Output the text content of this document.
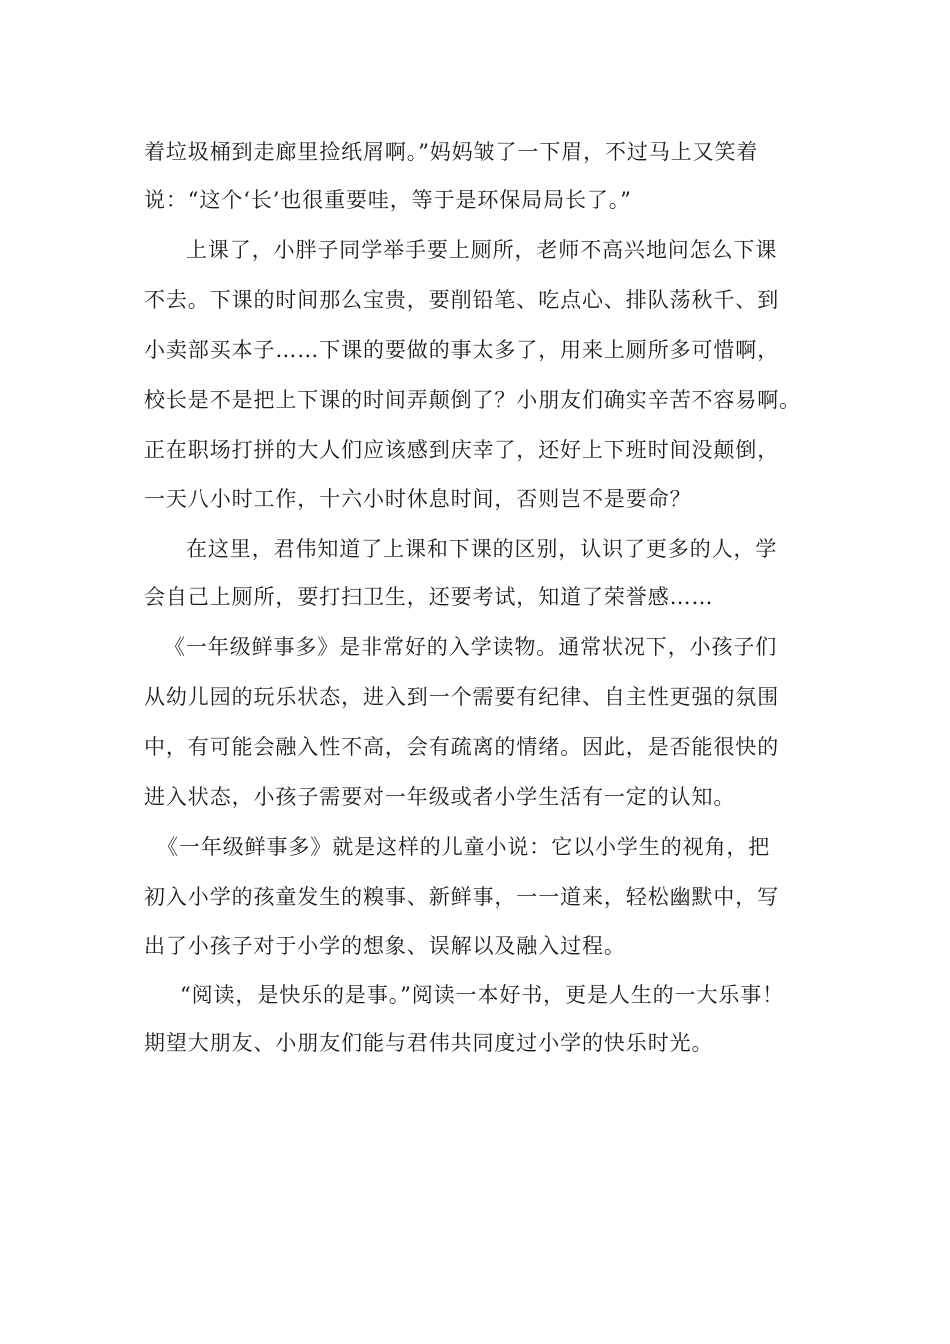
着垃圾桶到走廊里捡纸屑啊。”妈妈皱了一下眉，不过马上又笑着
说：“这个‘长’也很重要哇，等于是环保局局长了。”
上课了，小胖子同学举手要上厕所，老师不高兴地问怎么下课
不去。下课的时间那么宝贵，要削铅笔、吃点心、排队荡秋千、到
小卖部买本子……下课的要做的事太多了，用来上厕所多可惜啊，
校长是不是把上下课的时间弄颠倒了？小朋友们确实辛苦不容易啊。
正在职场打拼的大人们应该感到庆幸了，还好上下班时间没颠倒，
一天八小时工作，十六小时休息时间，否则岂不是要命？
在这里，君伟知道了上课和下课的区别，认识了更多的人，学
会自己上厕所，要打扫卫生，还要考试，知道了荣誉感……
《一年级鲜事多》是非常好的入学读物。通常状况下，小孩子们
从幼儿园的玩乐状态，进入到一个需要有纪律、自主性更强的氛围
中，有可能会融入性不高，会有疏离的情绪。因此，是否能很快的
进入状态，小孩子需要对一年级或者小学生活有一定的认知。
《一年级鲜事多》就是这样的儿童小说：它以小学生的视角，把
初入小学的孩童发生的糗事、新鲜事，一一道来，轻松幽默中，写
出了小孩子对于小学的想象、误解以及融入过程。
“阅读，是快乐的是事。”阅读一本好书，更是人生的一大乐事！
期望大朋友、小朋友们能与君伟共同度过小学的快乐时光。
